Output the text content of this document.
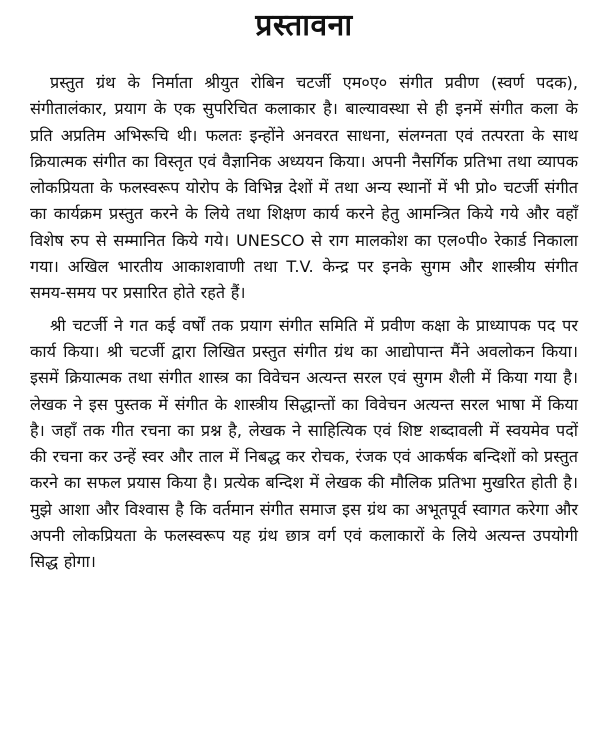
प्रस्तावना

प्रस्तुत ग्रंथ के निर्माता श्रीयुत रोबिन चटर्जी एम०ए० संगीत प्रवीण (स्वर्ण पदक), संगीतालंकार, प्रयाग के एक सुपरिचित कलाकार है। बाल्यावस्था से ही इनमें संगीत कला के प्रति अप्रतिम अभिरूचि थी। फलतः इन्होंने अनवरत साधना, संलग्नता एवं तत्परता के साथ क्रियात्मक संगीत का विस्तृत एवं वैज्ञानिक अध्ययन किया। अपनी नैसर्गिक प्रतिभा तथा व्यापक लोकप्रियता के फलस्वरूप योरोप के विभिन्न देशों में तथा अन्य स्थानों में भी प्रो० चटर्जी संगीत का कार्यक्रम प्रस्तुत करने के लिये तथा शिक्षण कार्य करने हेतु आमन्त्रित किये गये और वहाँ विशेष रुप से सम्मानित किये गये। UNESCO से राग मालकोश का एल०पी० रेकार्ड निकाला गया। अखिल भारतीय आकाशवाणी तथा T.V. केन्द्र पर इनके सुगम और शास्त्रीय संगीत समय-समय पर प्रसारित होते रहते हैं।

श्री चटर्जी ने गत कई वर्षों तक प्रयाग संगीत समिति में प्रवीण कक्षा के प्राध्यापक पद पर कार्य किया। श्री चटर्जी द्वारा लिखित प्रस्तुत संगीत ग्रंथ का आद्योपान्त मैंने अवलोकन किया। इसमें क्रियात्मक तथा संगीत शास्त्र का विवेचन अत्यन्त सरल एवं सुगम शैली में किया गया है। लेखक ने इस पुस्तक में संगीत के शास्त्रीय सिद्धान्तों का विवेचन अत्यन्त सरल भाषा में किया है। जहाँ तक गीत रचना का प्रश्न है, लेखक ने साहित्यिक एवं शिष्ट शब्दावली में स्वयमेव पदों की रचना कर उन्हें स्वर और ताल में निबद्ध कर रोचक, रंजक एवं आकर्षक बन्दिशों को प्रस्तुत करने का सफल प्रयास किया है। प्रत्येक बन्दिश में लेखक की मौलिक प्रतिभा मुखरित होती है। मुझे आशा और विश्वास है कि वर्तमान संगीत समाज इस ग्रंथ का अभूतपूर्व स्वागत करेगा और अपनी लोकप्रियता के फलस्वरूप यह ग्रंथ छात्र वर्ग एवं कलाकारों के लिये अत्यन्त उपयोगी सिद्ध होगा।
